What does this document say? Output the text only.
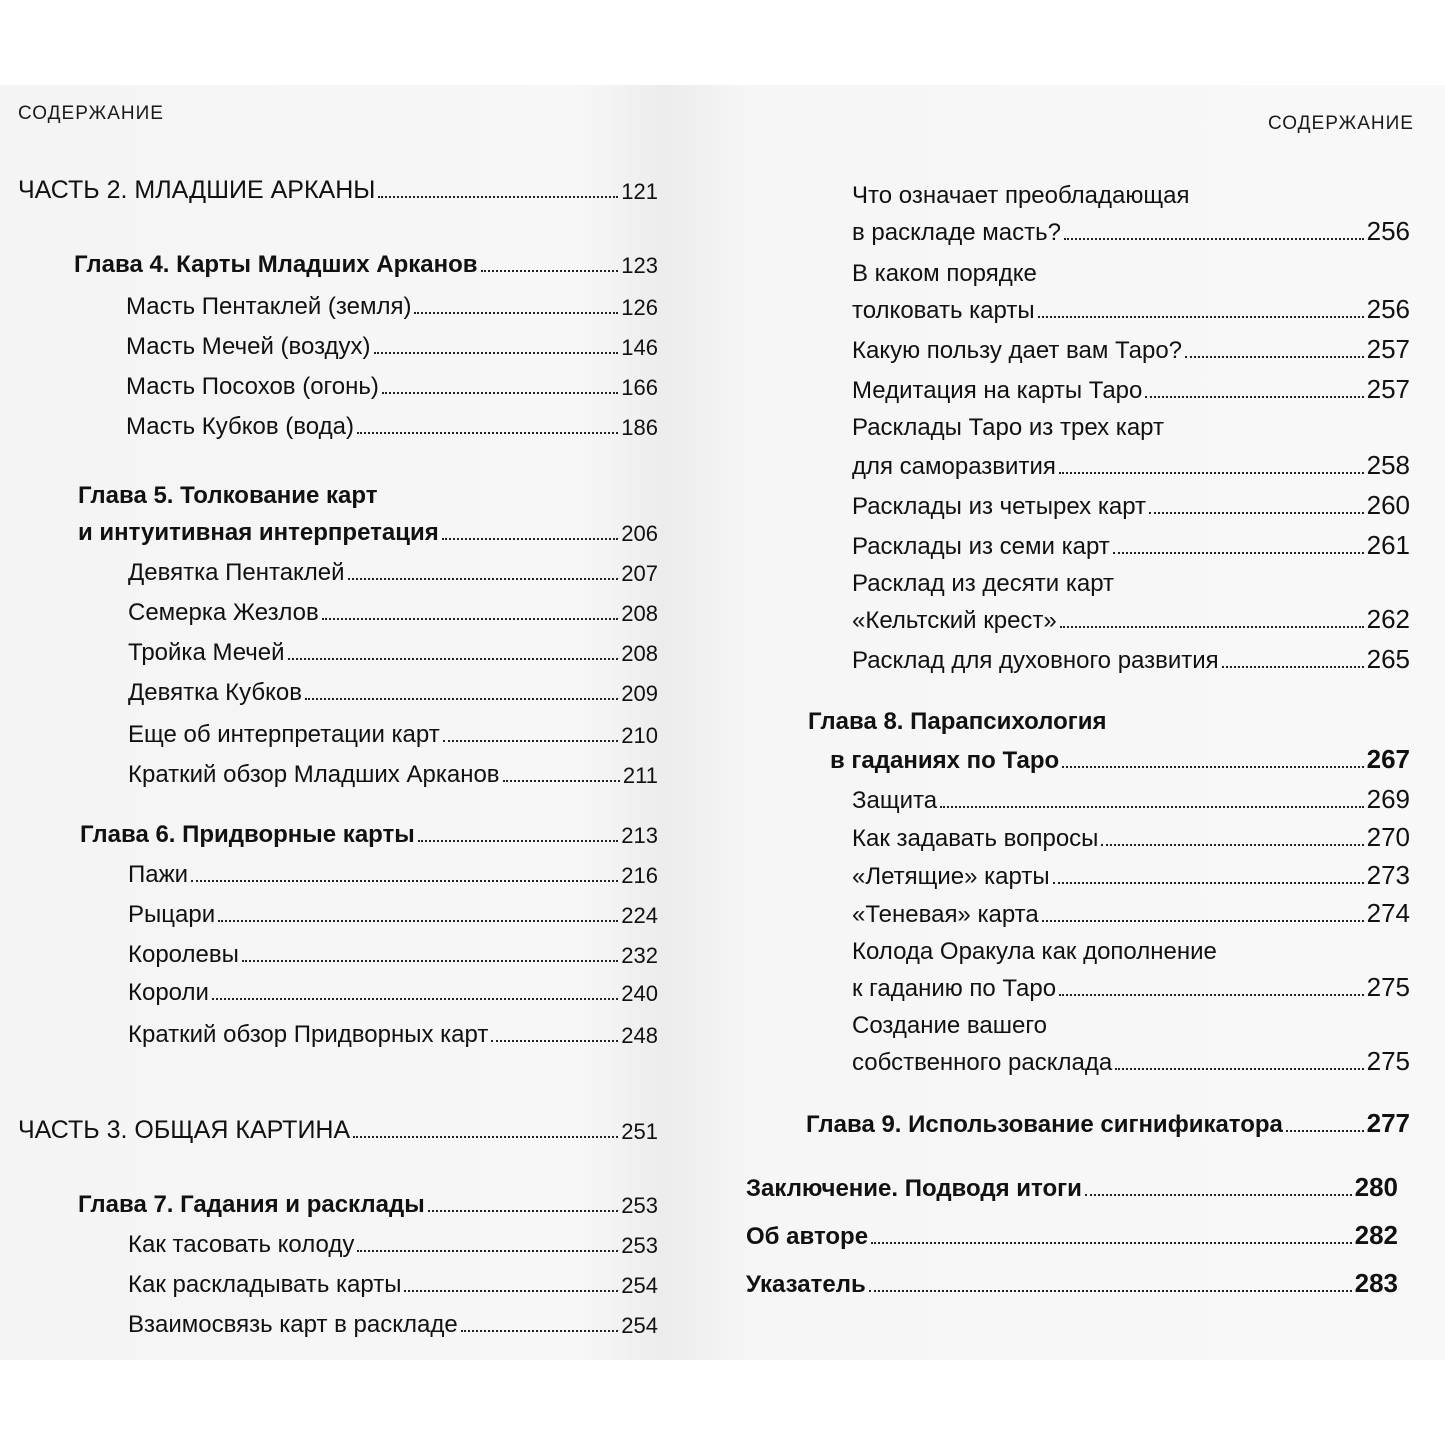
СОДЕРЖАНИЕ
ЧАСТЬ 2. МЛАДШИЕ АРКАНЫ	121
Глава 4. Карты Младших Арканов	123
Масть Пентаклей (земля)	126
Масть Мечей (воздух)	146
Масть Посохов (огонь)	166
Масть Кубков (вода)	186
Глава 5. Толкование карт
и интуитивная интерпретация	206
Девятка Пентаклей	207
Семерка Жезлов	208
Тройка Мечей	208
Девятка Кубков	209
Еще об интерпретации карт	210
Краткий обзор Младших Арканов	211
Глава 6. Придворные карты	213
Пажи	216
Рыцари	224
Королевы	232
Короли	240
Краткий обзор Придворных карт	248
ЧАСТЬ 3. ОБЩАЯ КАРТИНА	251
Глава 7. Гадания и расклады	253
Как тасовать колоду	253
Как раскладывать карты	254
Взаимосвязь карт в раскладе	254
СОДЕРЖАНИЕ
Что означает преобладающая
в раскладе масть?	256
В каком порядке
толковать карты	256
Какую пользу дает вам Таро?	257
Медитация на карты Таро	257
Расклады Таро из трех карт
для саморазвития	258
Расклады из четырех карт	260
Расклады из семи карт	261
Расклад из десяти карт
«Кельтский крест»	262
Расклад для духовного развития	265
Глава 8. Парапсихология
в гаданиях по Таро	267
Защита	269
Как задавать вопросы	270
«Летящие» карты	273
«Теневая» карта	274
Колода Оракула как дополнение
к гаданию по Таро	275
Создание вашего
собственного расклада	275
Глава 9. Использование сигнификатора	277
Заключение. Подводя итоги	280
Об авторе	282
Указатель	283
